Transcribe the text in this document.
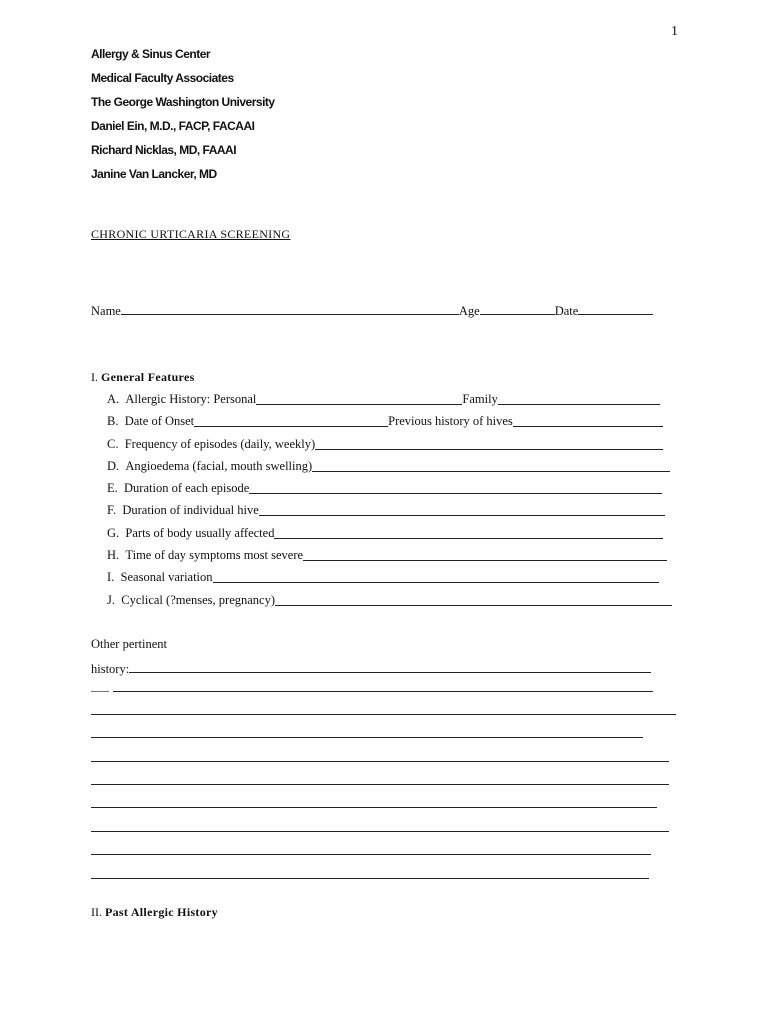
1
Allergy & Sinus Center
Medical Faculty Associates
The George Washington University
Daniel Ein, M.D., FACP, FACAAI
Richard Nicklas, MD, FAAAI
Janine Van Lancker, MD
CHRONIC URTICARIA SCREENING
Name	Age	Date
I. General Features
A.
Allergic History: Personal	Family
B.
Date of Onset	Previous history of hives
C.
Frequency of episodes (daily, weekly)
D.
Angioedema (facial, mouth swelling)
E.
Duration of each episode
F.
Duration of individual hive
G.
Parts of body usually affected
H.
Time of day symptoms most severe
I.
Seasonal variation
J.
Cyclical (?menses, pregnancy)
Other pertinent
history:
___
II. Past Allergic History
